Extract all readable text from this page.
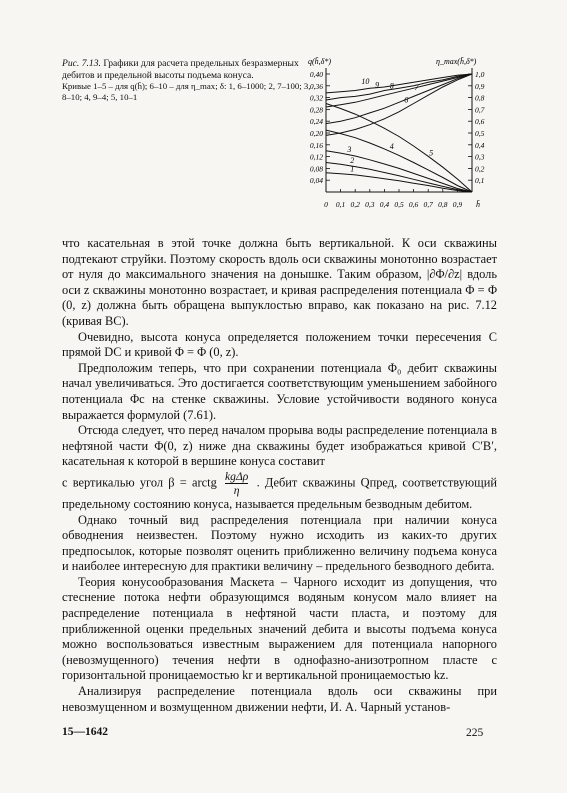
Рис. 7.13. Графики для расчета предельных безразмерных дебитов и предельной высоты подъема конуса.
Кривые 1–5 – для q(h̄); 6–10 – для η_max; δ: 1, 6–1000; 2, 7–100; 3, 8–10; 4, 9–4; 5, 10–1
0,04
0,08
0,12
0,16
0,20
0,24
0,28
0,32
0,36
0,40
0,1
0,2
0,3
0,4
0,5
0,6
0,7
0,8
0,9
1,0
0 0,1 0,2 0,3 0,4 0,5 0,6 0,7 0,8 0,9 h̄
q(h̄,δ*)	η_max(h̄,δ*)
1
2
3	4
5
6
7
8
9
10

что касательная в этой точке должна быть вертикальной. К оси скважины подтекают струйки. Поэтому скорость вдоль оси скважины монотонно возрастает от нуля до максимального значения на донышке. Таким образом, |∂Φ/∂z| вдоль оси z скважины монотонно возрастает, и кривая распределения потенциала Φ = Φ (0, z) должна быть обращена выпуклостью вправо, как показано на рис. 7.12 (кривая BC).

Очевидно, высота конуса определяется положением точки пересечения C прямой DC и кривой Φ = Φ (0, z).

Предположим теперь, что при сохранении потенциала Φ₀ дебит скважины начал увеличиваться. Это достигается соответствующим уменьшением забойного потенциала Φс на стенке скважины. Условие устойчивости водяного конуса выражается формулой (7.61).

Отсюда следует, что перед началом прорыва воды распределение потенциала в нефтяной части Φ(0, z) ниже дна скважины будет изображаться кривой C′B′, касательная к которой в вершине конуса составит

с вертикалью угол β = arctg $\frac{\text{kgΔρ}}{\eta}$ . Дебит скважины Qпред, соответствующий предельному состоянию конуса, называется предельным безводным дебитом.

Однако точный вид распределения потенциала при наличии конуса обводнения неизвестен. Поэтому нужно исходить из каких-то других предпосылок, которые позволят оценить приближенно величину подъема конуса и наиболее интересную для практики величину – предельного безводного дебита.

Теория конусообразования Маскета – Чарного исходит из допущения, что стеснение потока нефти образующимся водяным конусом мало влияет на распределение потенциала в нефтяной части пласта, и поэтому для приближенной оценки предельных значений дебита и высоты подъема конуса можно воспользоваться известным выражением для потенциала напорного (невозмущенного) течения нефти в однофазно-анизотропном пласте с горизонтальной проницаемостью kr и вертикальной проницаемостью kz.

Анализируя распределение потенциала вдоль оси скважины при невозмущенном и возмущенном движении нефти, И. А. Чарный установ-

15—1642	225
